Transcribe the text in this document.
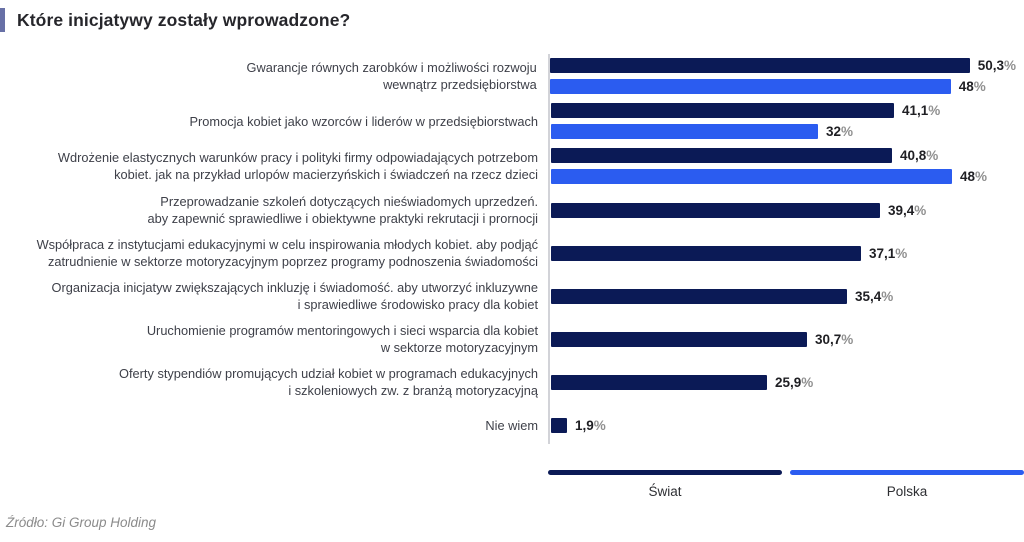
Które inicjatywy zostały wprowadzone?
Gwarancje równych zarobków i możliwości rozwoju
wewnątrz przedsiębiorstwa
50,3%
48%
Promocja kobiet jako wzorców i liderów w przedsiębiorstwach
41,1%
32%
Wdrożenie elastycznych warunków pracy i polityki firmy odpowiadających potrzebom
kobiet. jak na przykład urlopów macierzyńskich i świadczeń na rzecz dzieci
40,8%
48%
Przeprowadzanie szkoleń dotyczących nieświadomych uprzedzeń.
aby zapewnić sprawiedliwe i obiektywne praktyki rekrutacji i prornocji
39,4%
Współpraca z instytucjami edukacyjnymi w celu inspirowania młodych kobiet. aby podjąć
zatrudnienie w sektorze motoryzacyjnym poprzez programy podnoszenia świadomości
37,1%
Organizacja inicjatyw zwiększających inkluzję i świadomość. aby utworzyć inkluzywne
i sprawiedliwe środowisko pracy dla kobiet
35,4%
Uruchomienie programów mentoringowych i sieci wsparcia dla kobiet
w sektorze motoryzacyjnym
30,7%
Oferty stypendiów promujących udział kobiet w programach edukacyjnych
i szkoleniowych zw. z branżą motoryzacyjną
25,9%
Nie wiem	1,9%
Świat	Polska
Źródło: Gi Group Holding
